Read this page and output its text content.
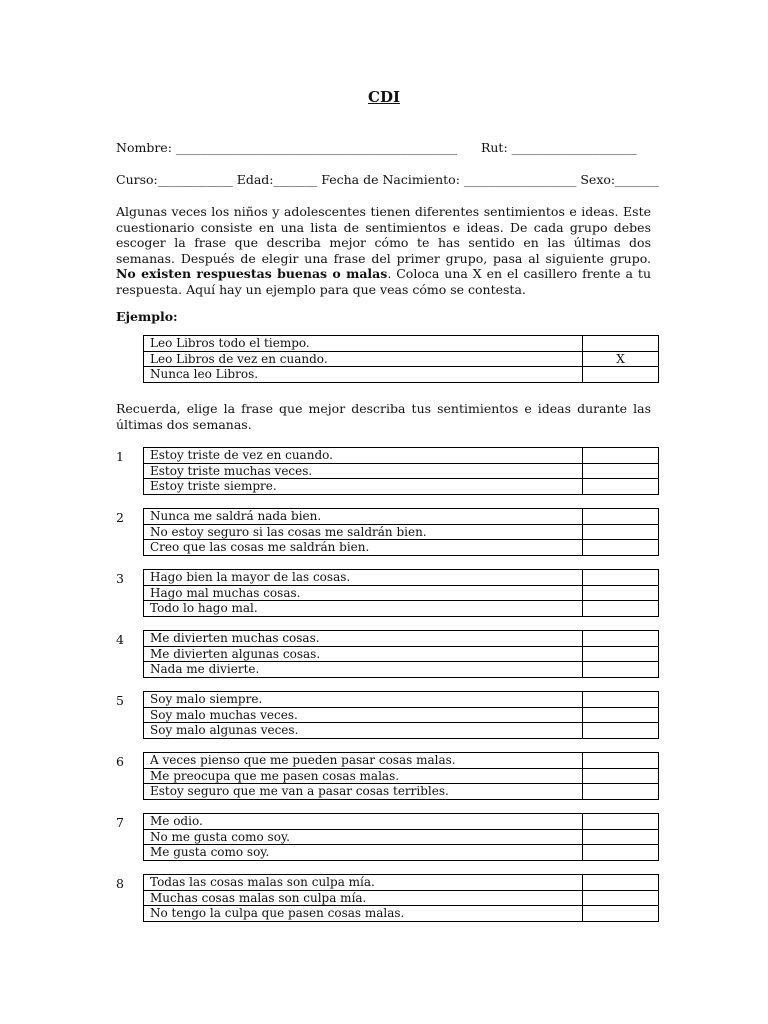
CDI
Nombre: _____________________________________________      Rut: ____________________
Curso:____________ Edad:_______ Fecha de Nacimiento: __________________ Sexo:_______
Algunas veces los niños y adolescentes tienen diferentes sentimientos e ideas. Este cuestionario consiste en una lista de sentimientos e ideas. De cada grupo debes escoger la frase que describa mejor cómo te has sentido en las últimas dos semanas. Después de elegir una frase del primer grupo, pasa al siguiente grupo. No existen respuestas buenas o malas. Coloca una X en el casillero frente a tu respuesta. Aquí hay un ejemplo para que veas cómo se contesta.
Ejemplo:
Leo Libros todo el tiempo.	
Leo Libros de vez en cuando.	X
Nunca leo Libros.	
Recuerda, elige la frase que mejor describa tus sentimientos e ideas durante las últimas dos semanas.
1 Estoy triste de vez en cuando.	
Estoy triste muchas veces.	
Estoy triste siempre.	
2 Nunca me saldrá nada bien.	
No estoy seguro si las cosas me saldrán bien.	
Creo que las cosas me saldrán bien.	
3 Hago bien la mayor de las cosas.	
Hago mal muchas cosas.	
Todo lo hago mal.	
4 Me divierten muchas cosas.	
Me divierten algunas cosas.	
Nada me divierte.	
5 Soy malo siempre.	
Soy malo muchas veces.	
Soy malo algunas veces.	
6 A veces pienso que me pueden pasar cosas malas.	
Me preocupa que me pasen cosas malas.	
Estoy seguro que me van a pasar cosas terribles.	
7 Me odio.	
No me gusta como soy.	
Me gusta como soy.	
8 Todas las cosas malas son culpa mía.	
Muchas cosas malas son culpa mía.	
No tengo la culpa que pasen cosas malas.	
